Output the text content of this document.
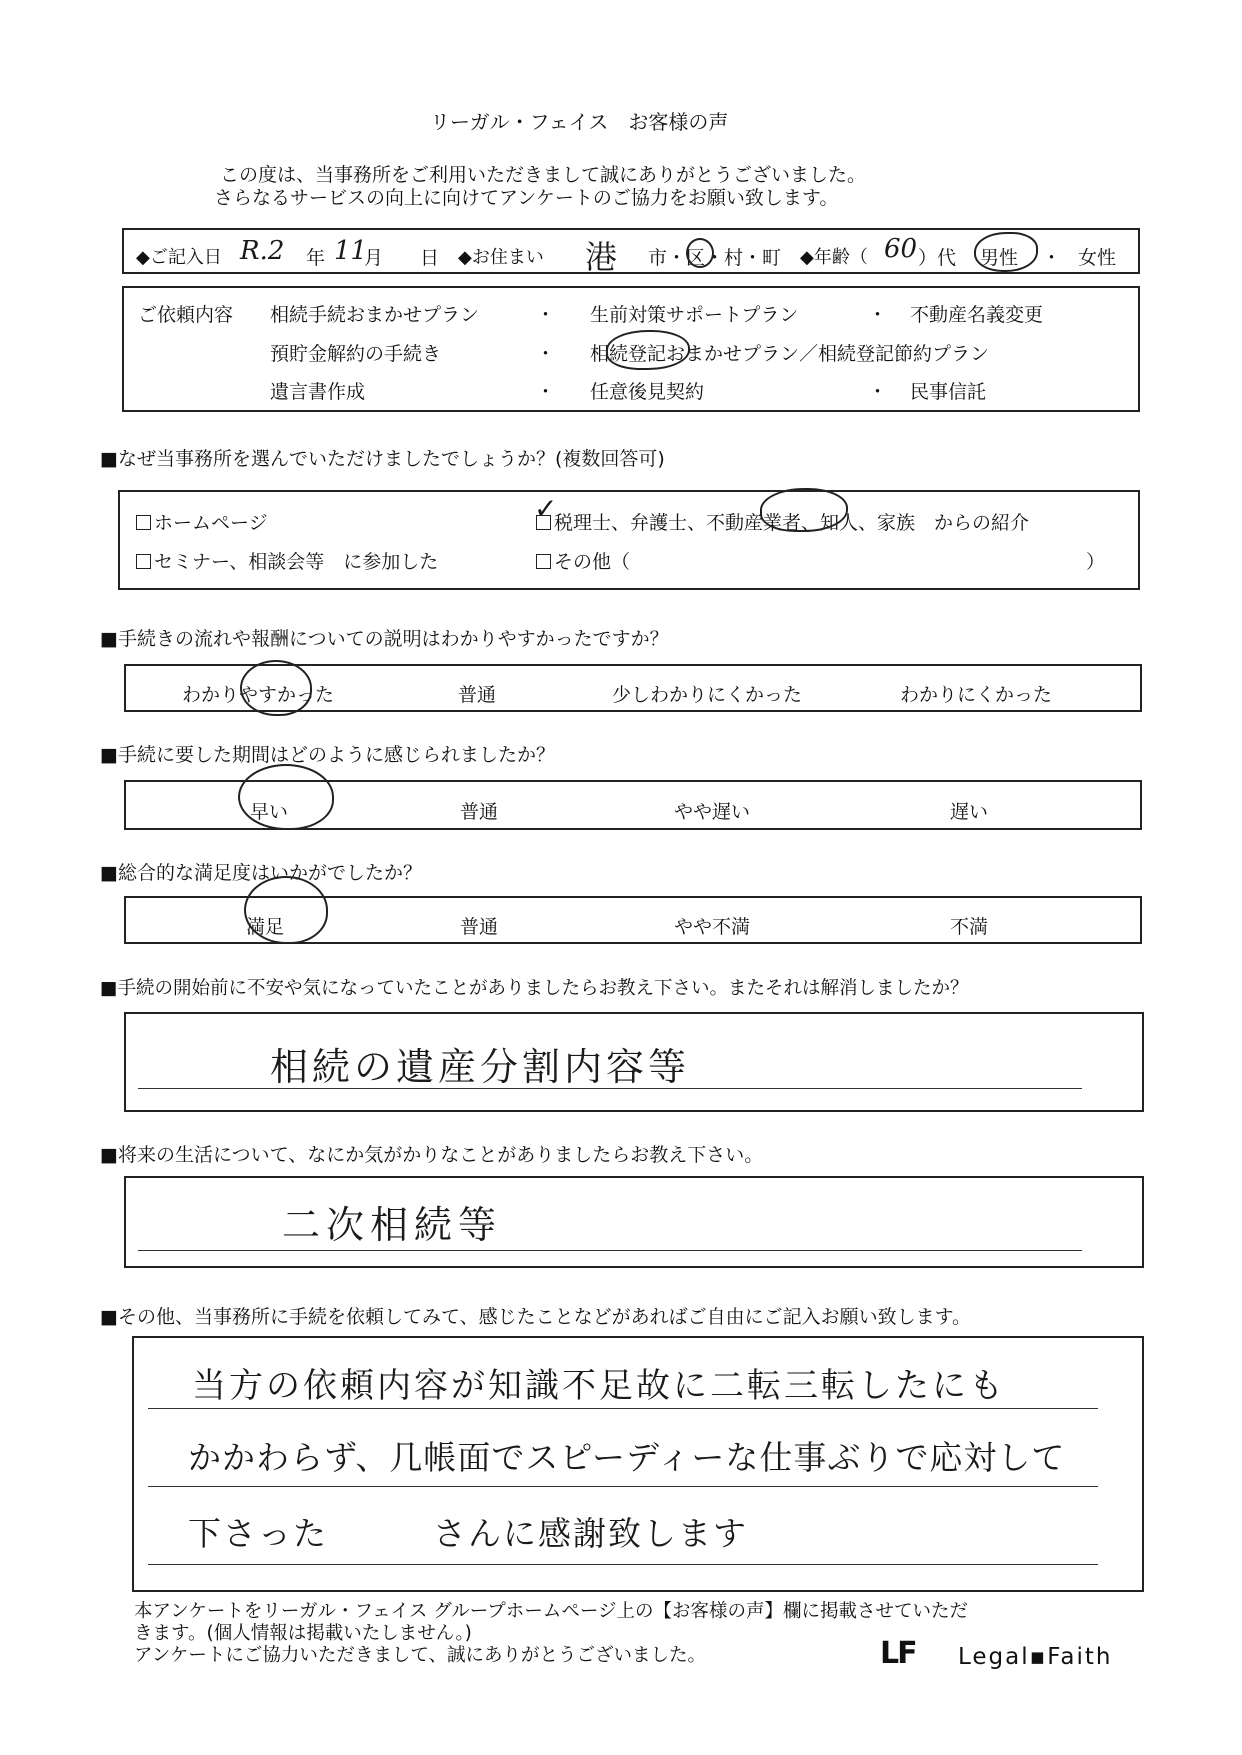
リーガル・フェイス　お客様の声
この度は、当事務所をご利用いただきまして誠にありがとうございました。
さらなるサービスの向上に向けてアンケートのご協力をお願い致します。
◆ご記入日 R.2 年 11
月 日 ◆お住まい 港 市・区・村・町 ◆年齢（ 60 ）代 男性 ・ 女性
ご依頼内容 相続手続おまかせプラン	・ 生前対策サポートプラン	・ 不動産名義変更
預貯金解約の手続き	・ 相続登記おまかせプラン／相続登記節約プラン
遺言書作成	・ 任意後見契約	・ 民事信託
■なぜ当事務所を選んでいただけましたでしょうか？(複数回答可)
ホームページ	税理士、弁護士、不動産業者、知人、家族　からの紹介
✓
セミナー、相談会等　に参加した	その他（	）
■手続きの流れや報酬についての説明はわかりやすかったですか？
わかりやすかった	普通	少しわかりにくかった	わかりにくかった
■手続に要した期間はどのように感じられましたか？
早い	普通	やや遅い	遅い
■総合的な満足度はいかがでしたか？
満足	普通	やや不満	不満
■手続の開始前に不安や気になっていたことがありましたらお教え下さい。またそれは解消しましたか？
相続の遺産分割内容等
■将来の生活について、なにか気がかりなことがありましたらお教え下さい。
二次相続等
■その他、当事務所に手続を依頼してみて、感じたことなどがあればご自由にご記入お願い致します。
当方の依頼内容が知識不足故に二転三転したにも
かかわらず、几帳面でスピーディーな仕事ぶりで応対して
下さった　　　さんに感謝致します
本アンケートをリーガル・フェイス グループホームページ上の【お客様の声】欄に掲載させていただ
きます。(個人情報は掲載いたしません。)
アンケートにご協力いただきまして、誠にありがとうございました。	LF Legal▪Faith
